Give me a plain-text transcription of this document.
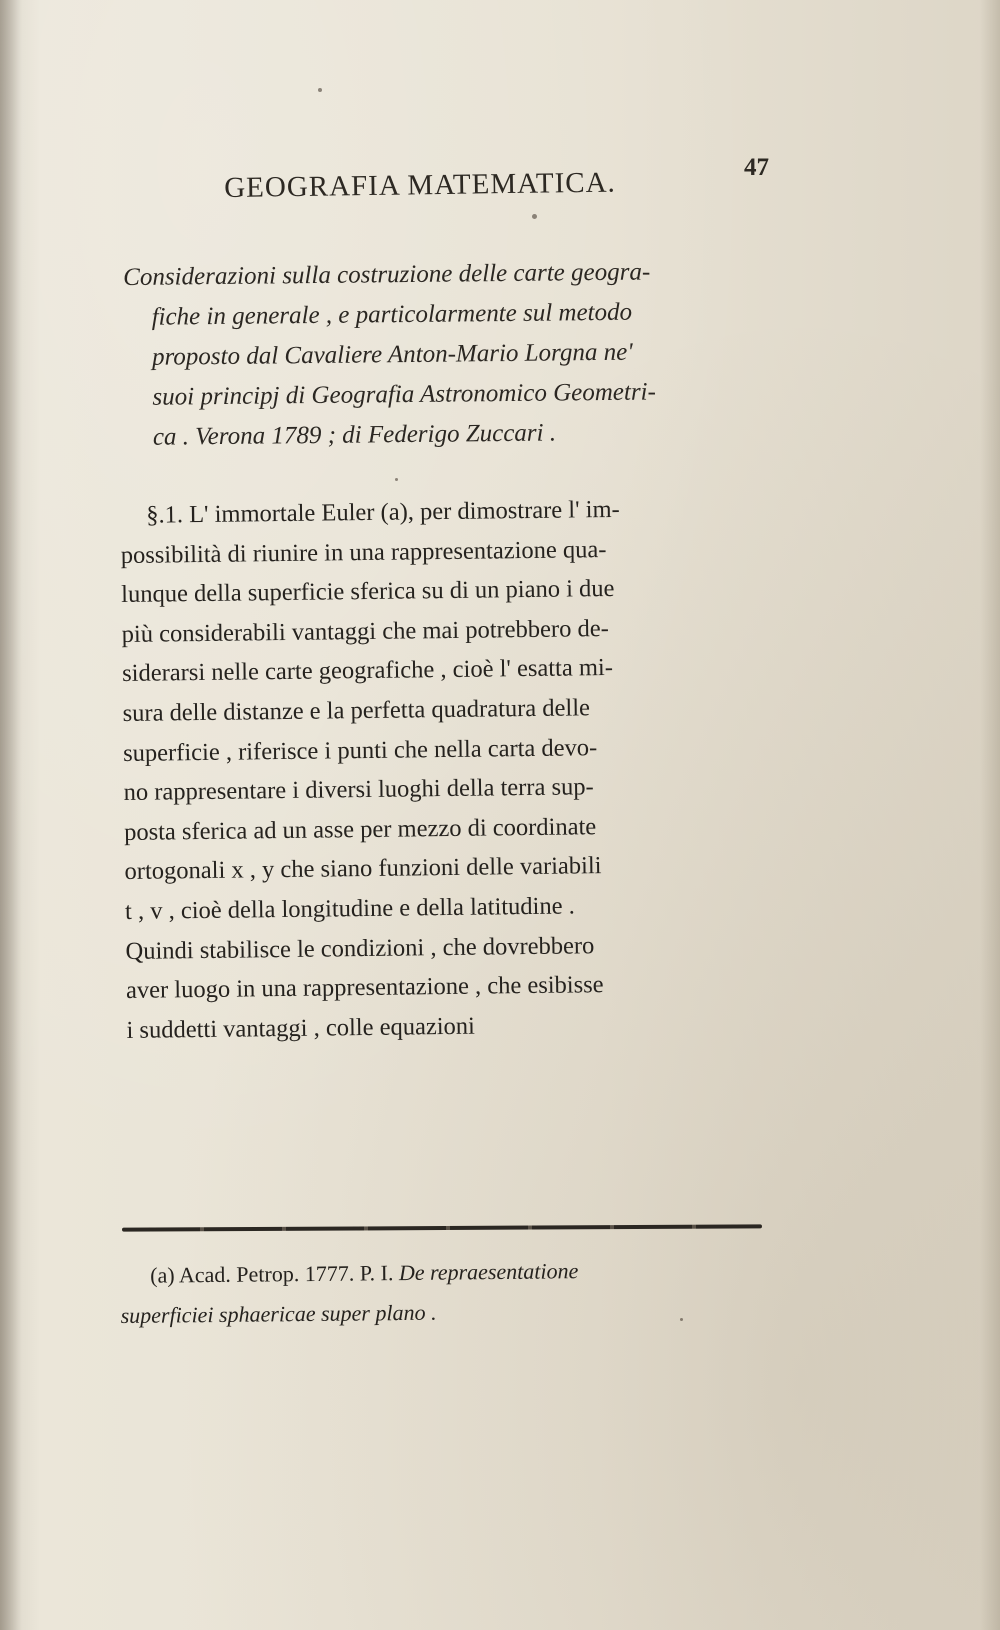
GEOGRAFIA MATEMATICA.	47
Considerazioni sulla costruzione delle carte geogra-
fiche in generale , e particolarmente sul metodo
proposto dal Cavaliere Anton-Mario Lorgna ne'
suoi principj di Geografia Astronomico Geometri-
ca . Verona 1789 ; di Federigo Zuccari .
§.1. L' immortale Euler (a), per dimostrare l' im-
possibilità di riunire in una rappresentazione qua-
lunque della superficie sferica su di un piano i due
più considerabili vantaggi che mai potrebbero de-
siderarsi nelle carte geografiche , cioè l' esatta mi-
sura delle distanze e la perfetta quadratura delle
superficie , riferisce i punti che nella carta devo-
no rappresentare i diversi luoghi della terra sup-
posta sferica ad un asse per mezzo di coordinate
ortogonali x , y che siano funzioni delle variabili
t , v , cioè della longitudine e della latitudine .
Quindi stabilisce le condizioni , che dovrebbero
aver luogo in una rappresentazione , che esibisse
i suddetti vantaggi , colle equazioni
(a) Acad. Petrop. 1777. P. I. De repraesentatione
superficiei sphaericae super plano .
